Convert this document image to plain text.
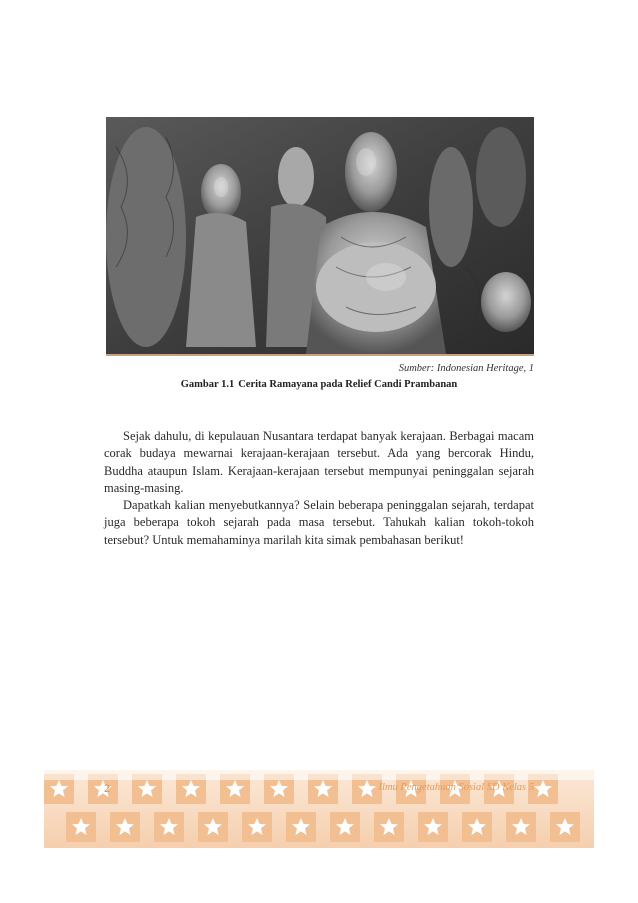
Sumber: Indonesian Heritage, 1
Gambar 1.1 Cerita Ramayana pada Relief Candi Prambanan

Sejak dahulu, di kepulauan Nusantara terdapat banyak kerajaan. Berbagai macam corak budaya mewarnai kerajaan-kerajaan tersebut. Ada yang bercorak Hindu, Buddha ataupun Islam. Kerajaan-kerajaan tersebut mempunyai peninggalan sejarah masing-masing.

Dapatkah kalian menyebutkannya? Selain beberapa peninggalan sejarah, terdapat juga beberapa tokoh sejarah pada masa tersebut. Tahukah kalian tokoh-tokoh tersebut? Untuk memahaminya marilah kita simak pembahasan berikut!

2	Ilmu Pengetahuan Sosial SD Kelas 5
